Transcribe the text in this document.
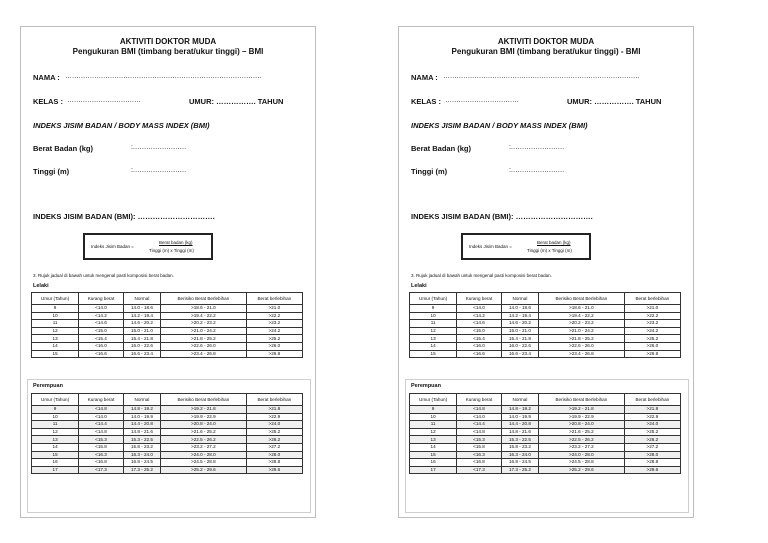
AKTIVITI DOKTOR MUDA
Pengukuran BMI (timbang berat/ukur tinggi) – BMI
NAMA : …………………………………………………………………………….
KELAS : ……………………………	UMUR: ……………. TAHUN
INDEKS JISIM BADAN / BODY MASS INDEX (BMI)
Berat Badan (kg)	:……………………
Tinggi (m)	:……………………
INDEKS JISIM BADAN (BMI): ………………………….
Indeks Jisim Badan =
Berat badan (kg)
Tinggi (m) x Tinggi (m)
3. Rujuk jadual di bawah untuk mengenal pasti komposisi berat badan.
Lelaki
Umur (Tahun)	Kurang berat	Normal	Berisiko Berat Berlebihan	Berat berlebihan
9	<14.0	14.0 - 18.6	>18.6 - 21.0	>21.0
10	<14.2	14.2 - 19.4	>19.4 - 22.2	>22.2
11	<14.6	14.6 - 20.2	>20.2 - 23.2	>23.2
12	<15.0	15.0 - 21.0	>21.0 - 24.2	>24.2
13	<15.4	15.4 - 21.8	>21.8 - 25.2	>25.2
14	<16.0	16.0 - 22.6	>22.6 - 26.0	>26.0
15	<16.6	16.6 - 23.4	>23.4 - 26.8	>26.8
Perempuan
Umur (Tahun)	Kurang berat	Normal	Berisiko Berat Berlebihan	Berat berlebihan
9	<14.8	14.8 - 19.2	>19.2 - 21.8	>21.8
10	<14.0	14.0 - 19.9	>19.9 - 22.9	>22.9
11	<14.4	14.4 - 20.8	>20.8 - 24.0	>24.0
12	<14.8	14.8 - 21.6	>21.6 - 25.2	>25.2
13	<15.3	15.3 - 22.5	>22.5 - 26.2	>26.2
14	<15.8	15.8 - 23.2	>23.2 - 27.2	>27.2
15	<16.3	16.3 - 24.0	>24.0 - 28.0	>28.0
16	<16.8	16.8 - 24.5	>24.5 - 28.8	>28.8
17	<17.3	17.3 - 25.2	>25.2 - 29.6	>29.6
AKTIVITI DOKTOR MUDA
Pengukuran BMI (timbang berat/ukur tinggi) - BMI
NAMA : …………………………………………………………………………….
KELAS : ……………………………	UMUR: ……………. TAHUN
INDEKS JISIM BADAN / BODY MASS INDEX (BMI)
Berat Badan (kg)	:……………………
Tinggi (m)	:……………………
INDEKS JISIM BADAN (BMI): ………………………….
Indeks Jisim Badan =
Berat badan (kg)
Tinggi (m) x Tinggi (m)
3. Rujuk jadual di bawah untuk mengenal pasti komposisi berat badan.
Lelaki
Umur (Tahun)	Kurang berat	Normal	Berisiko Berat Berlebihan	Berat berlebihan
9	<14.0	14.0 - 18.6	>18.6 - 21.0	>21.0
10	<14.2	14.2 - 19.4	>19.4 - 22.2	>22.2
11	<14.6	14.6 - 20.2	>20.2 - 23.2	>23.2
12	<15.0	15.0 - 21.0	>21.0 - 24.2	>24.2
13	<15.4	15.4 - 21.8	>21.8 - 25.2	>25.2
14	<16.0	16.0 - 22.6	>22.6 - 26.0	>26.0
15	<16.6	16.6 - 23.4	>23.4 - 26.8	>26.8
Perempuan
Umur (Tahun)	Kurang berat	Normal	Berisiko Berat Berlebihan	Berat berlebihan
9	<14.8	14.8 - 19.2	>19.2 - 21.8	>21.8
10	<14.0	14.0 - 19.9	>19.9 - 22.9	>22.9
11	<14.4	14.4 - 20.8	>20.8 - 24.0	>24.0
12	<14.8	14.8 - 21.6	>21.6 - 25.2	>25.2
13	<15.3	15.3 - 22.5	>22.5 - 26.2	>26.2
14	<15.8	15.8 - 23.2	>23.2 - 27.2	>27.2
15	<16.3	16.3 - 24.0	>24.0 - 28.0	>28.0
16	<16.8	16.8 - 24.5	>24.5 - 28.8	>28.8
17	<17.3	17.3 - 25.2	>25.2 - 29.6	>29.6
